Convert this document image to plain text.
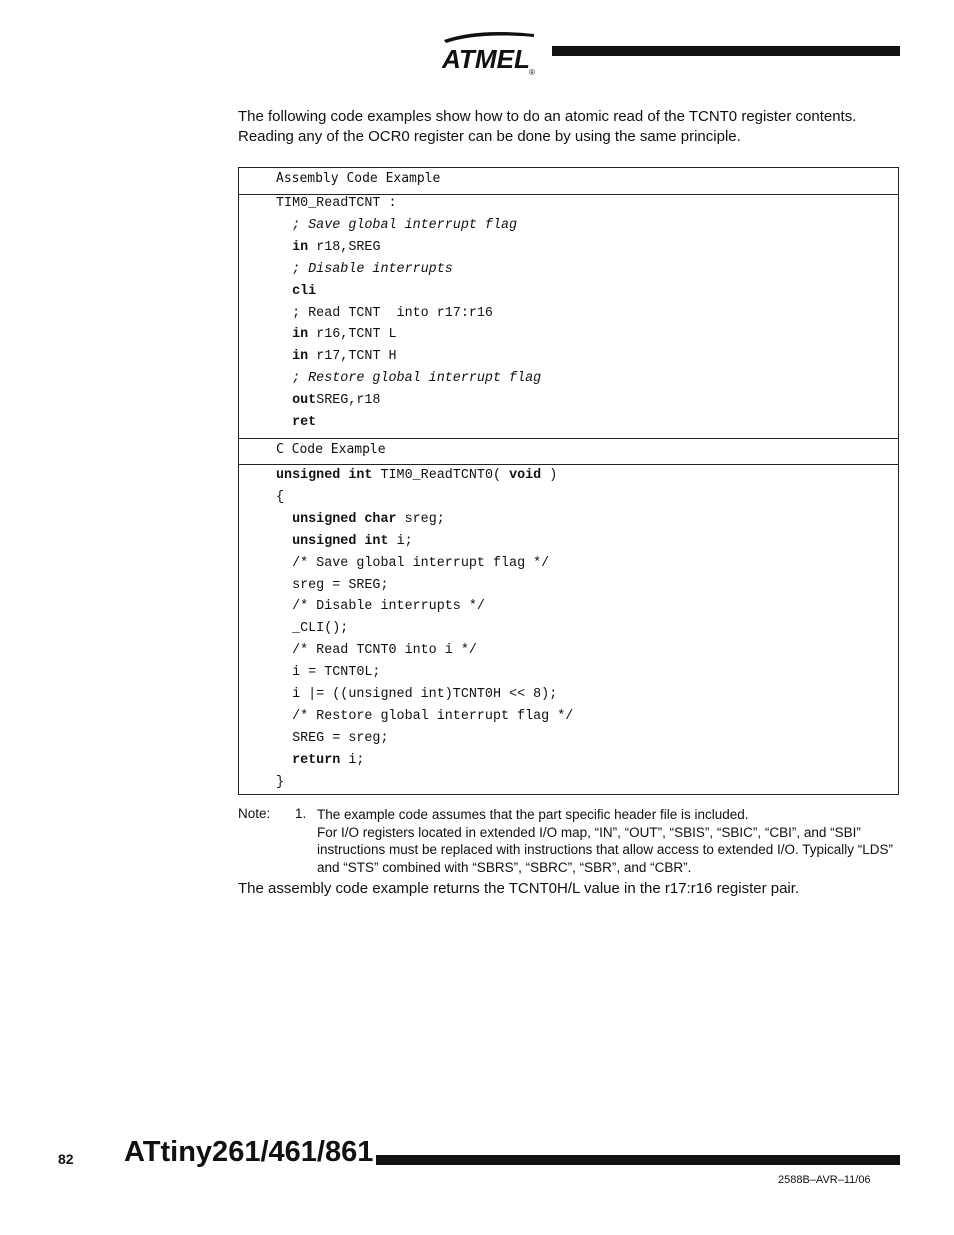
ATMEL ®
The following code examples show how to do an atomic read of the TCNT0 register contents. Reading any of the OCR0 register can be done by using the same principle.
Assembly Code Example
TIM0_ReadTCNT :
; Save global interrupt flag
in r18,SREG
; Disable interrupts
cli
; Read TCNT  into r17:r16
in r16,TCNT L
in r17,TCNT H
; Restore global interrupt flag
outSREG,r18
ret
C Code Example
unsigned int TIM0_ReadTCNT0( void )
{
unsigned char sreg;
unsigned int i;
/* Save global interrupt flag */
sreg = SREG;
/* Disable interrupts */
_CLI();
/* Read TCNT0 into i */
i = TCNT0L;
i |= ((unsigned int)TCNT0H << 8);
/* Restore global interrupt flag */
SREG = sreg;
return i;
}
Note: 1. The example code assumes that the part specific header file is included.
For I/O registers located in extended I/O map, “IN”, “OUT”, “SBIS”, “SBIC”, “CBI”, and “SBI” instructions must be replaced with instructions that allow access to extended I/O. Typically “LDS” and “STS” combined with “SBRS”, “SBRC”, “SBR”, and “CBR”.
The assembly code example returns the TCNT0H/L value in the r17:r16 register pair.
82 ATtiny261/461/861
2588B–AVR–11/06
